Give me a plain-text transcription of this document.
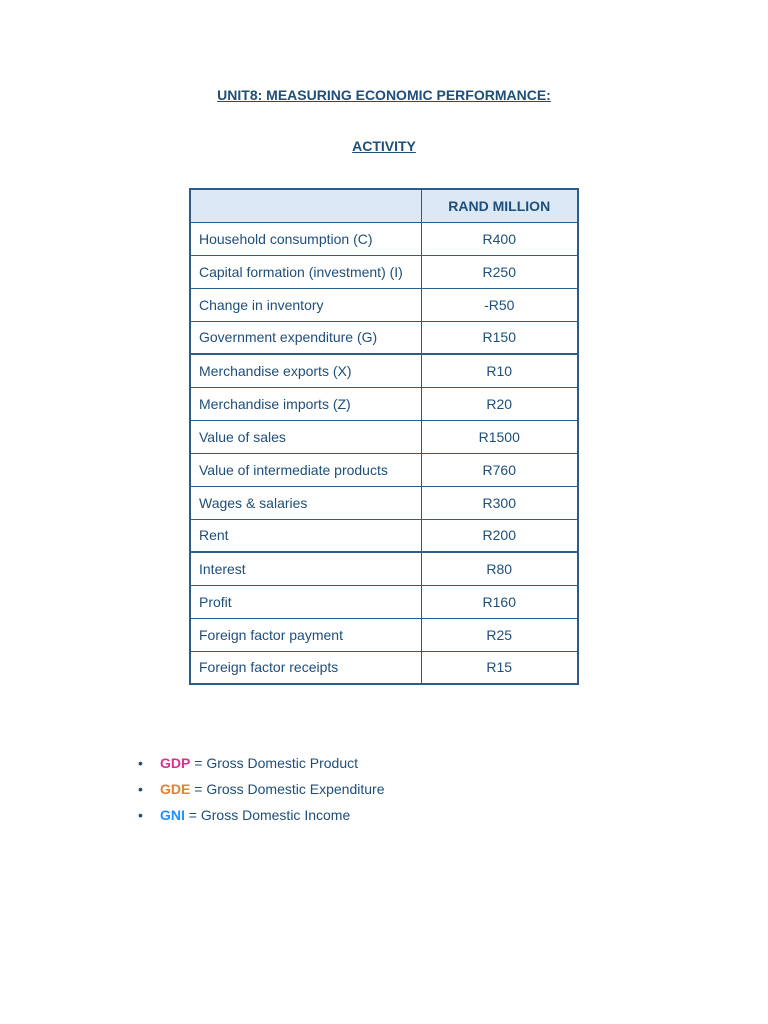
UNIT8: MEASURING ECONOMIC PERFORMANCE:
ACTIVITY
	RAND MILLION
Household consumption (C)	R400
Capital formation (investment) (I)	R250
Change in inventory	-R50
Government expenditure (G)	R150
Merchandise exports (X)	R10
Merchandise imports (Z)	R20
Value of sales	R1500
Value of intermediate products	R760
Wages & salaries	R300
Rent	R200
Interest	R80
Profit	R160
Foreign factor payment	R25
Foreign factor receipts	R15
•	GDP = Gross Domestic Product
•	GDE = Gross Domestic Expenditure
•	GNI = Gross Domestic Income
